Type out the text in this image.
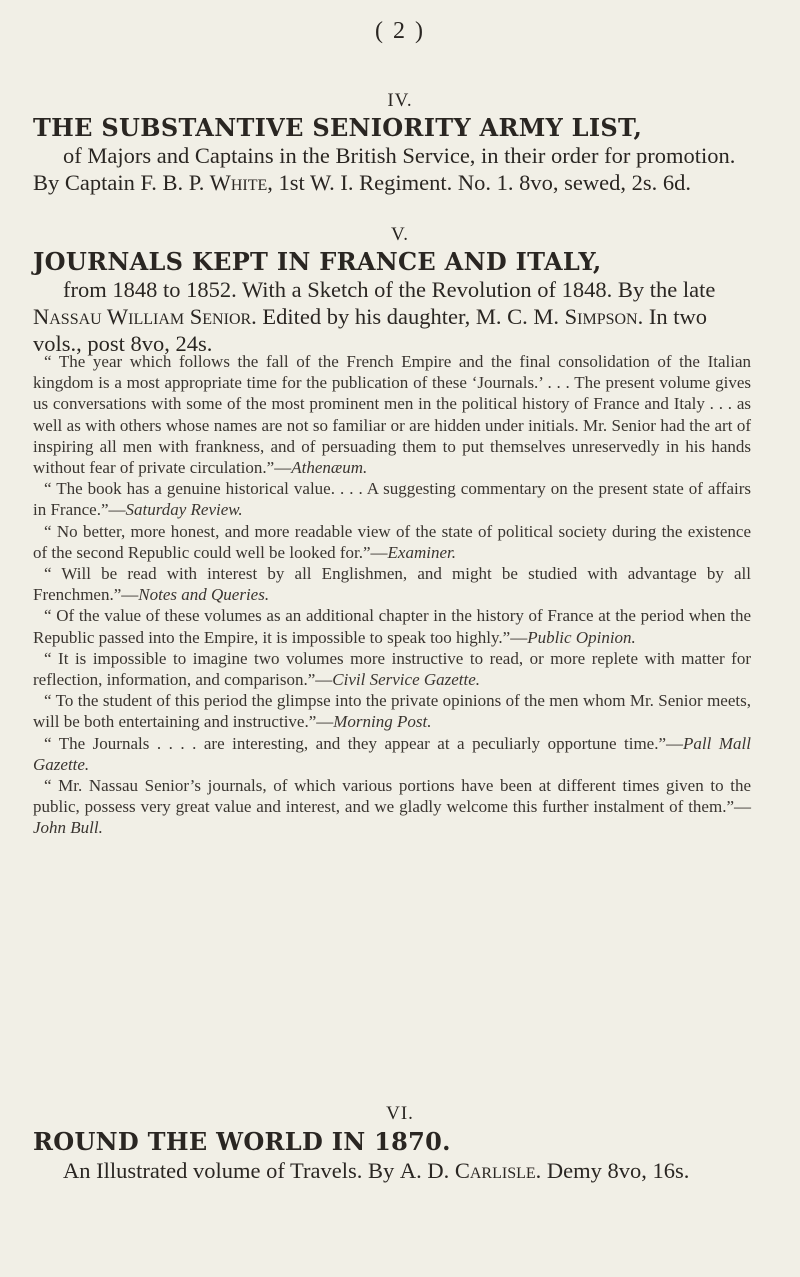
( 2 )
IV.
THE SUBSTANTIVE SENIORITY ARMY LIST,
of Majors and Captains in the British Service, in their order for promotion. By Captain F. B. P. White, 1st W. I. Regiment. No. 1. 8vo, sewed, 2s. 6d.
V.
JOURNALS KEPT IN FRANCE AND ITALY,
from 1848 to 1852. With a Sketch of the Revolution of 1848. By the late Nassau William Senior. Edited by his daughter, M. C. M. Simpson. In two vols., post 8vo, 24s.

“ The year which follows the fall of the French Empire and the final consolidation of the Italian kingdom is a most appropriate time for the publication of these ‘Journals.’ . . . The present volume gives us conversations with some of the most prominent men in the political history of France and Italy . . . as well as with others whose names are not so familiar or are hidden under initials. Mr. Senior had the art of inspiring all men with frankness, and of persuading them to put themselves unreservedly in his hands without fear of private circulation.”—Athenæum.

“ The book has a genuine historical value. . . . A suggesting commentary on the present state of affairs in France.”—Saturday Review.

“ No better, more honest, and more readable view of the state of political society during the existence of the second Republic could well be looked for.”—Examiner.

“ Will be read with interest by all Englishmen, and might be studied with advantage by all Frenchmen.”—Notes and Queries.

“ Of the value of these volumes as an additional chapter in the history of France at the period when the Republic passed into the Empire, it is impossible to speak too highly.”—Public Opinion.

“ It is impossible to imagine two volumes more instructive to read, or more replete with matter for reflection, information, and comparison.”—Civil Service Gazette.

“ To the student of this period the glimpse into the private opinions of the men whom Mr. Senior meets, will be both entertaining and instructive.”—Morning Post.

“ The Journals . . . . are interesting, and they appear at a peculiarly opportune time.”—Pall Mall Gazette.

“ Mr. Nassau Senior’s journals, of which various portions have been at different times given to the public, possess very great value and interest, and we gladly welcome this further instalment of them.”—John Bull.

VI.
ROUND THE WORLD IN 1870.
An Illustrated volume of Travels. By A. D. Carlisle. Demy 8vo, 16s.
